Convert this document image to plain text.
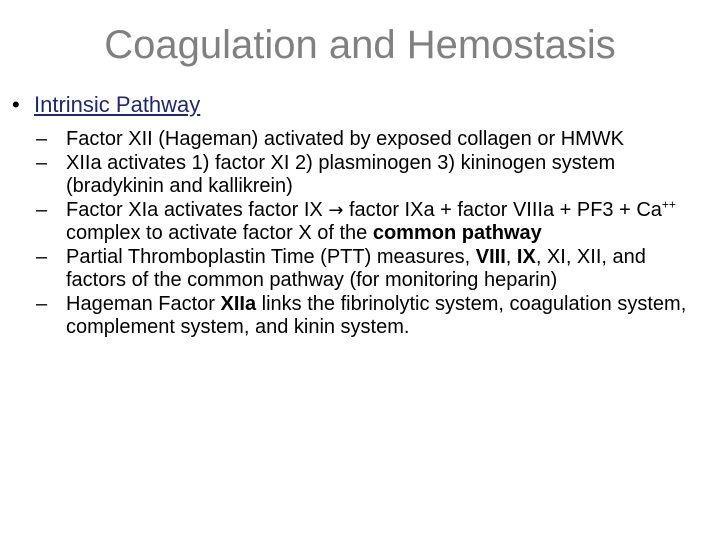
Coagulation and Hemostasis
• Intrinsic Pathway
– Factor XII (Hageman) activated by exposed collagen or HMWK
– XIIa activates 1) factor XI 2) plasminogen 3) kininogen system (bradykinin and kallikrein)
– Factor XIa activates factor IX → factor IXa + factor VIIIa + PF3 + Ca++ complex to activate factor X of the common pathway
– Partial Thromboplastin Time (PTT) measures, VIII, IX, XI, XII, and factors of the common pathway (for monitoring heparin)
– Hageman Factor XIIa links the fibrinolytic system, coagulation system, complement system, and kinin system.
